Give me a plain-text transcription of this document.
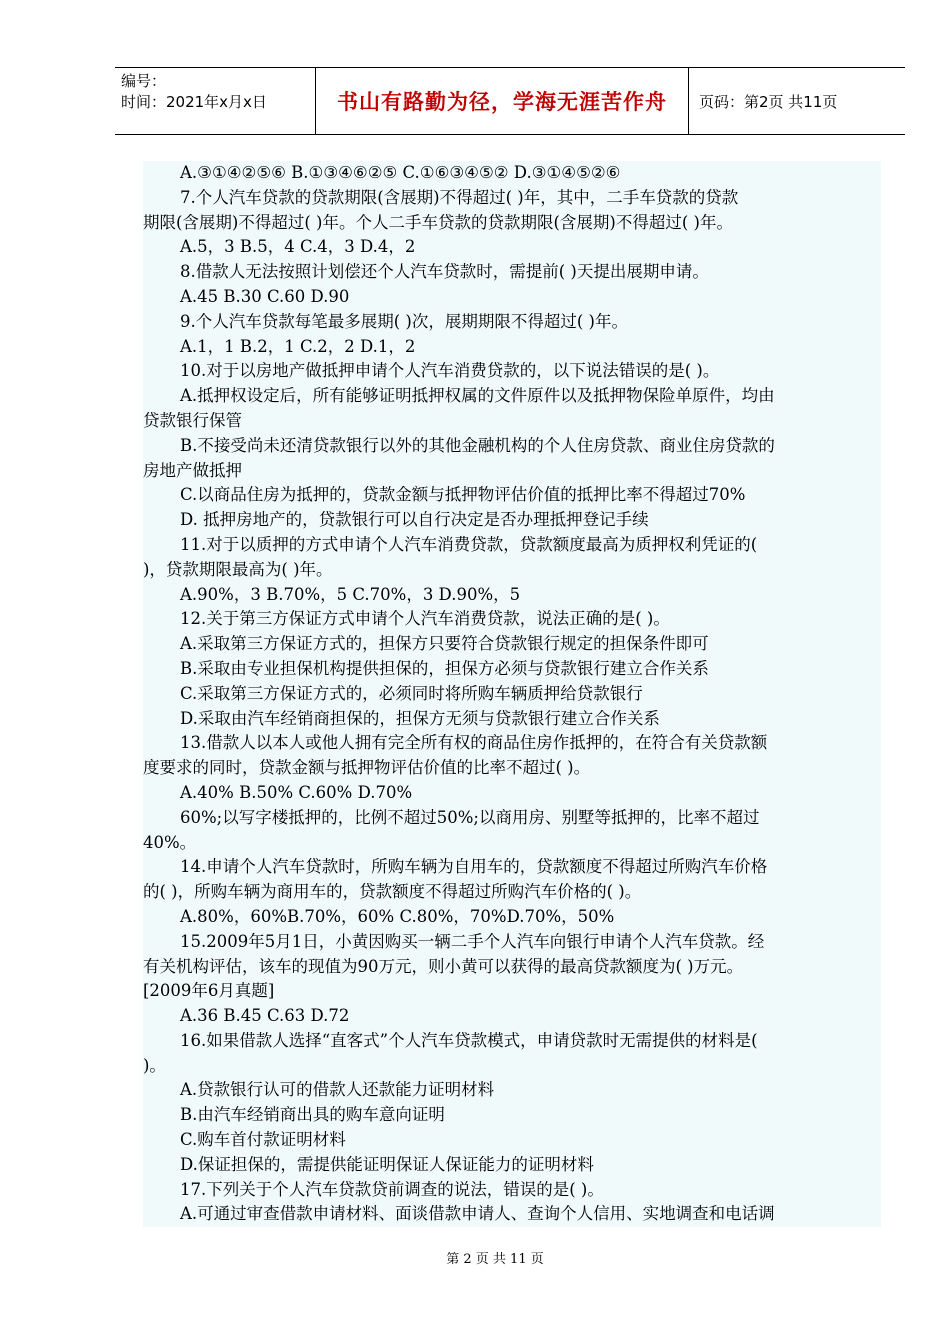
编号：
时间：2021年x月x日	书山有路勤为径，学海无涯苦作舟 页码：第2页 共11页
A.③①④②⑤⑥ B.①③④⑥②⑤ C.①⑥③④⑤② D.③①④⑤②⑥
7.个人汽车贷款的贷款期限(含展期)不得超过( )年，其中，二手车贷款的贷款
期限(含展期)不得超过( )年。个人二手车贷款的贷款期限(含展期)不得超过( )年。
A.5，3 B.5，4 C.4，3 D.4，2
8.借款人无法按照计划偿还个人汽车贷款时，需提前( )天提出展期申请。
A.45 B.30 C.60 D.90
9.个人汽车贷款每笔最多展期( )次，展期期限不得超过( )年。
A.1，1 B.2，1 C.2，2 D.1，2
10.对于以房地产做抵押申请个人汽车消费贷款的，以下说法错误的是( )。
A.抵押权设定后，所有能够证明抵押权属的文件原件以及抵押物保险单原件，均由
贷款银行保管
B.不接受尚未还清贷款银行以外的其他金融机构的个人住房贷款、商业住房贷款的
房地产做抵押
C.以商品住房为抵押的，贷款金额与抵押物评估价值的抵押比率不得超过70%
D. 抵押房地产的，贷款银行可以自行决定是否办理抵押登记手续
11.对于以质押的方式申请个人汽车消费贷款，贷款额度最高为质押权利凭证的(
)，贷款期限最高为( )年。
A.90%，3 B.70%，5 C.70%，3 D.90%，5
12.关于第三方保证方式申请个人汽车消费贷款，说法正确的是( )。
A.采取第三方保证方式的，担保方只要符合贷款银行规定的担保条件即可
B.采取由专业担保机构提供担保的，担保方必须与贷款银行建立合作关系
C.采取第三方保证方式的，必须同时将所购车辆质押给贷款银行
D.采取由汽车经销商担保的，担保方无须与贷款银行建立合作关系
13.借款人以本人或他人拥有完全所有权的商品住房作抵押的，在符合有关贷款额
度要求的同时，贷款金额与抵押物评估价值的比率不超过( )。
A.40% B.50% C.60% D.70%
60%;以写字楼抵押的，比例不超过50%;以商用房、别墅等抵押的，比率不超过
40%。
14.申请个人汽车贷款时，所购车辆为自用车的，贷款额度不得超过所购汽车价格
的( )，所购车辆为商用车的，贷款额度不得超过所购汽车价格的( )。
A.80%，60%B.70%，60% C.80%，70%D.70%，50%
15.2009年5月1日，小黄因购买一辆二手个人汽车向银行申请个人汽车贷款。经
有关机构评估，该车的现值为90万元，则小黄可以获得的最高贷款额度为( )万元。
[2009年6月真题]
A.36 B.45 C.63 D.72
16.如果借款人选择“直客式”个人汽车贷款模式，申请贷款时无需提供的材料是(
)。
A.贷款银行认可的借款人还款能力证明材料
B.由汽车经销商出具的购车意向证明
C.购车首付款证明材料
D.保证担保的，需提供能证明保证人保证能力的证明材料
17.下列关于个人汽车贷款贷前调查的说法，错误的是( )。
A.可通过审查借款申请材料、面谈借款申请人、查询个人信用、实地调查和电话调
第 2 页 共 11 页
